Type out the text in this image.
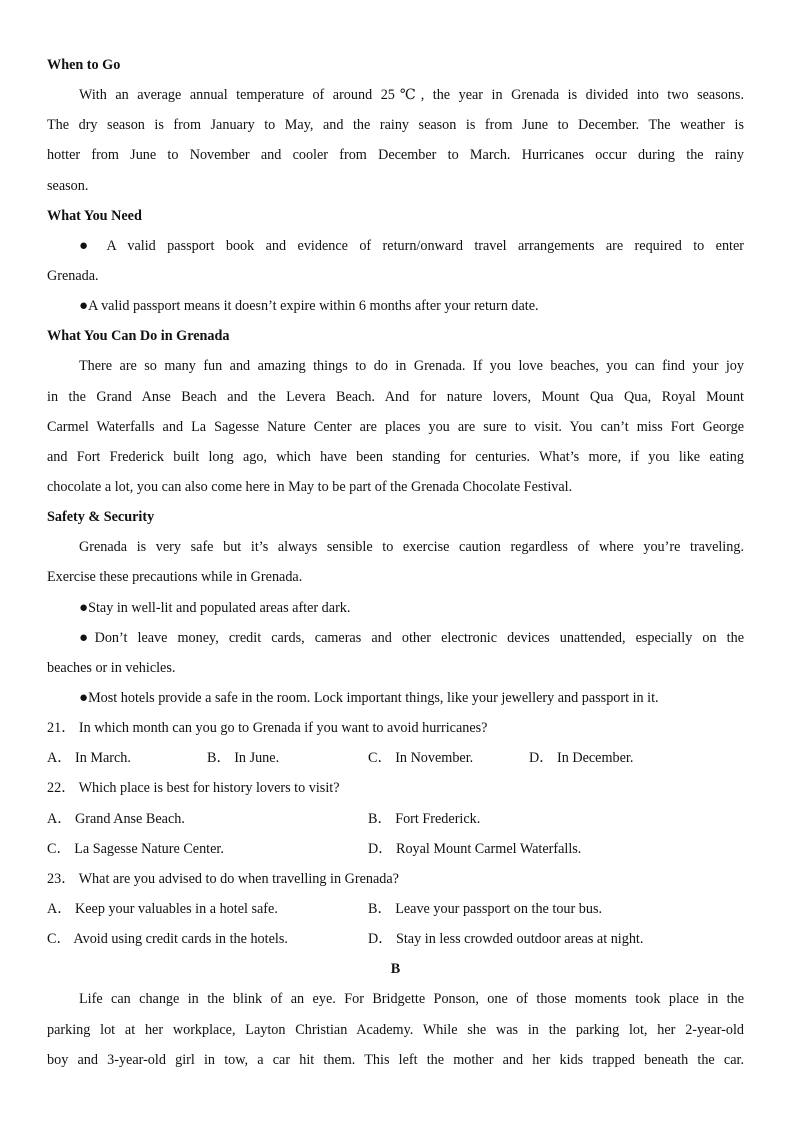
When to Go
With an average annual temperature of around 25℃, the year in Grenada is divided into two seasons.
The dry season is from January to May, and the rainy season is from June to December. The weather is
hotter from June to November and cooler from December to March. Hurricanes occur during the rainy
season.
What You Need
● A valid passport book and evidence of return/onward travel arrangements are required to enter
Grenada.
●A valid passport means it doesn’t expire within 6 months after your return date.
What You Can Do in Grenada
There are so many fun and amazing things to do in Grenada. If you love beaches, you can find your joy
in the Grand Anse Beach and the Levera Beach. And for nature lovers, Mount Qua Qua, Royal Mount
Carmel Waterfalls and La Sagesse Nature Center are places you are sure to visit. You can’t miss Fort George
and Fort Frederick built long ago, which have been standing for centuries. What’s more, if you like eating
chocolate a lot, you can also come here in May to be part of the Grenada Chocolate Festival.
Safety & Security
Grenada is very safe but it’s always sensible to exercise caution regardless of where you’re traveling.
Exercise these precautions while in Grenada.
●Stay in well-lit and populated areas after dark.
●Don’t leave money, credit cards, cameras and other electronic devices unattended, especially on the
beaches or in vehicles.
●Most hotels provide a safe in the room. Lock important things, like your jewellery and passport in it.
21． In which month can you go to Grenada if you want to avoid hurricanes?
A． In March.	B． In June.	C． In November.	D． In December.
22． Which place is best for history lovers to visit?
A． Grand Anse Beach.	B． Fort Frederick.
C． La Sagesse Nature Center.	D． Royal Mount Carmel Waterfalls.
23． What are you advised to do when travelling in Grenada?
A． Keep your valuables in a hotel safe.	B． Leave your passport on the tour bus.
C． Avoid using credit cards in the hotels.	D． Stay in less crowded outdoor areas at night.
B
Life can change in the blink of an eye. For Bridgette Ponson, one of those moments took place in the
parking lot at her workplace, Layton Christian Academy. While she was in the parking lot, her 2-year-old
boy and 3-year-old girl in tow, a car hit them. This left the mother and her kids trapped beneath the car.
